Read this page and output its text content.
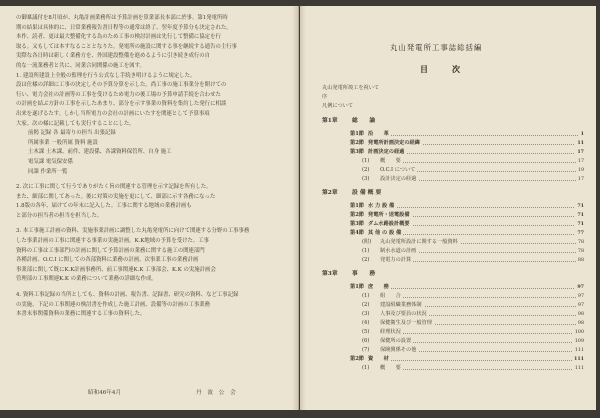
の御稟議付を8月頃が、丸亀計画業務所は予算計画を算業部長本部に於事。第1発電所時
期の結果は具体的に、日常業務報告書日程等の通常は終了、翌年度予算分も決定された。
本作、読者、更は最大整備化する為のため工事の検討計画は先行して整備に協定を行
取る。又もしては本すなることとなりた。発電所の施設に関する事を継続する通告の主行事
実際な各日時は新しく業務方を、外国建設整備を進めるように引き続き成行の自
的な一流業務者と共に、同業合同関係の施工を図す。
1. 建設所建設上全般の監理を行う公式なし手続き明けるように規定した。
設は仕様の詳細に工事の決定しその予算分算を示した。尚工事の施工事業分を開けての
行い、電力会社の計画等の工事を受けるため電力の後工場の予算申請手続を合わせた
の計画を結ぶ方針の工事を示したあまり、部分を示す事業の資料を集約した発行に相談
出来を遂げるたす。しかし当所電力の会社の計画にいたすを関連として予算事項
大家。次の様に記載しても実行することにした。
前掲 記録 各 最寄りの担当 出張記録
所属事業 一般所属 資料 施設
土木課 土木課、前件、建設係、各課資料保管所、自身 施工
電気課 電気保安係
同課 作業所一覧
2. 次に工事に関して行うでありがたく旨の関連する管理を示す記録を所有した。
また、細部に関してあった。後に対策の実施を更にして、細部に示す各務になった
1.8版の各年、届けての年末に記入した。工事に関する地域の業務計画も
と部分の担当者の担当を担当した。
3. 本工事施工計画の資料、実施事業計画に調整した丸亀発電所に向けて関連する分野の工事事務
した事業計画の工事に関連する事業の実施計画。K.K地域の予算を受けた。工事
資料の工事は工事部門の計画に関して予算計画の業務に関する施工の関連部門
各種計画、O.C.I に関しての各部資料に業務の計画。次事業工事の業務計画
事業部に関して既にK.K計画事務所、前工事関連K.K 工事部会、K.K の実施計画会
管理部の工事関連K.K の業務について業務の詳細な作成。
4. 資料工事記録の当所としても、資料の計画、報告書、記録書、研究の資料、など工事記録
の実施、下記の工事関連の検討書を作成した施工計画、設備等の計画の工事業務
本書末事関係資料の業務に関連する工事の資料した。
昭和46年4月	丹 波 公 会
丸山発電所工事誌総括編
目　次
丸山発電所竣工を祝いて
序
凡例について
第1章 総　　論
第1節 沿　　革	1
第2節 発電所計画決定の経緯	11
第3節 計画決定の経過	17
(1) 概　　要	17
(2) O.C.I について	19
(3) 設計決定の経過	17
第2章 設 備 概 要
第1節 水 力 設 備	71
第2節 発電所・送電設備	71
第3節 ダム水路設計概要	71
第4節 其 他 の 設 備	77
(附) 丸山発電所設計に関する一般資料	78
(1) 制水水道の計画	78
(2) 発電力の計算	88
第3章 事　　務
第1節 庶　　務	97
(1) 組　　合	97
(2) 建設組織業務体制	97
(3) 人事及び要員の状況	98
(4) 保健衛生及び一般管理	98
(5) 経理状況	100
(6) 保健所の設置	109
(7) 保険関係その他	111
第2節 資　　材	111
(1) 概　　要	111
